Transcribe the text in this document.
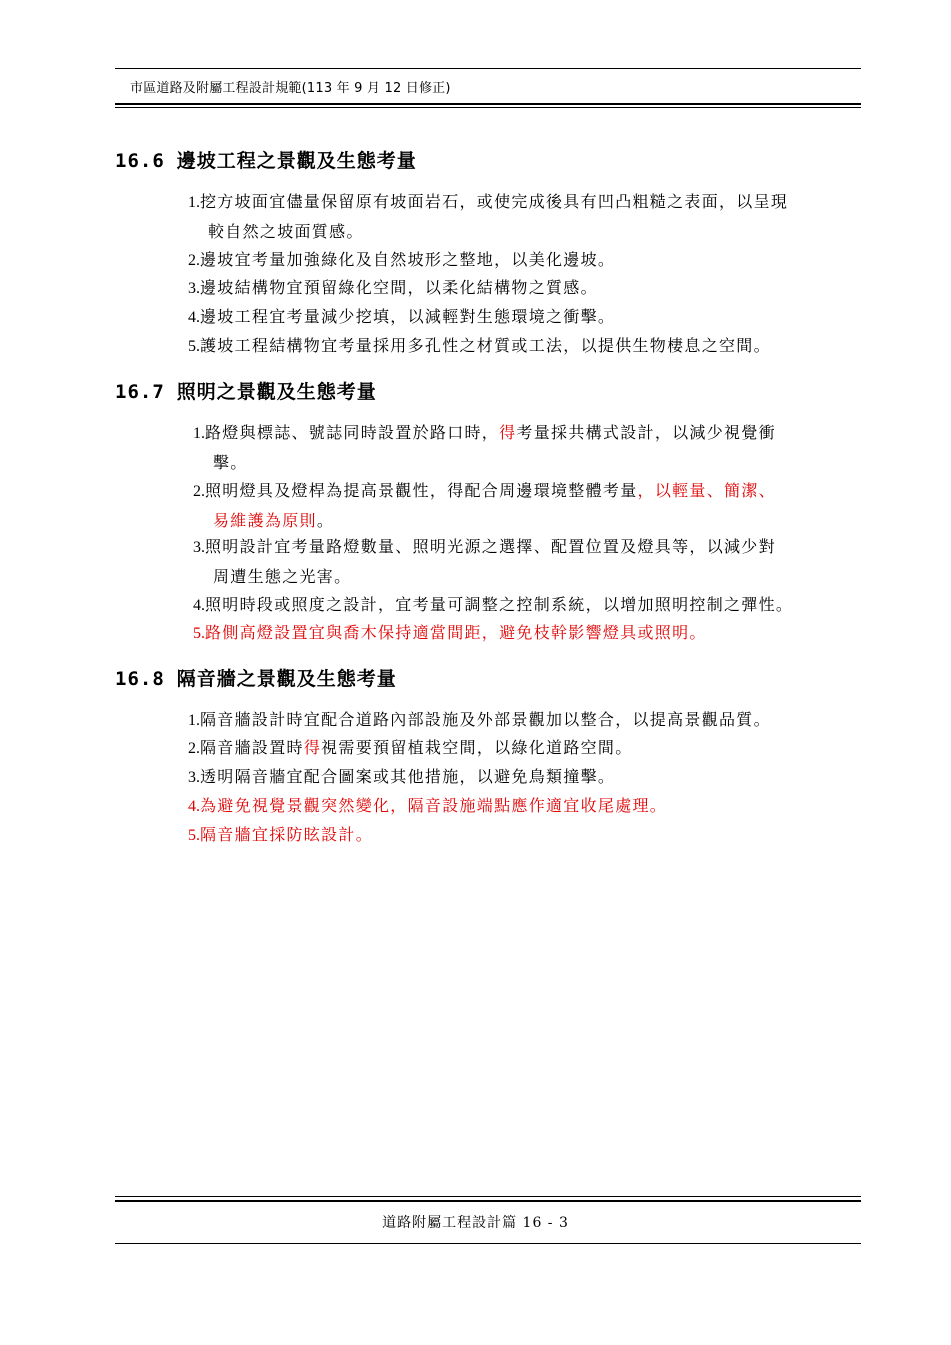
市區道路及附屬工程設計規範(113 年 9 月 12 日修正)
16.6 邊坡工程之景觀及生態考量
1.挖方坡面宜儘量保留原有坡面岩石，或使完成後具有凹凸粗糙之表面，以呈現
較自然之坡面質感。
2.邊坡宜考量加強綠化及自然坡形之整地，以美化邊坡。
3.邊坡結構物宜預留綠化空間，以柔化結構物之質感。
4.邊坡工程宜考量減少挖填，以減輕對生態環境之衝擊。
5.護坡工程結構物宜考量採用多孔性之材質或工法，以提供生物棲息之空間。
16.7 照明之景觀及生態考量
1.路燈與標誌、號誌同時設置於路口時，得考量採共構式設計，以減少視覺衝
擊。
2.照明燈具及燈桿為提高景觀性，得配合周邊環境整體考量，以輕量、簡潔、
易維護為原則。
3.照明設計宜考量路燈數量、照明光源之選擇、配置位置及燈具等，以減少對
周遭生態之光害。
4.照明時段或照度之設計，宜考量可調整之控制系統，以增加照明控制之彈性。
5.路側高燈設置宜與喬木保持適當間距，避免枝幹影響燈具或照明。
16.8 隔音牆之景觀及生態考量
1.隔音牆設計時宜配合道路內部設施及外部景觀加以整合，以提高景觀品質。
2.隔音牆設置時得視需要預留植栽空間，以綠化道路空間。
3.透明隔音牆宜配合圖案或其他措施，以避免鳥類撞擊。
4.為避免視覺景觀突然變化，隔音設施端點應作適宜收尾處理。
5.隔音牆宜採防眩設計。
道路附屬工程設計篇 16 - 3
